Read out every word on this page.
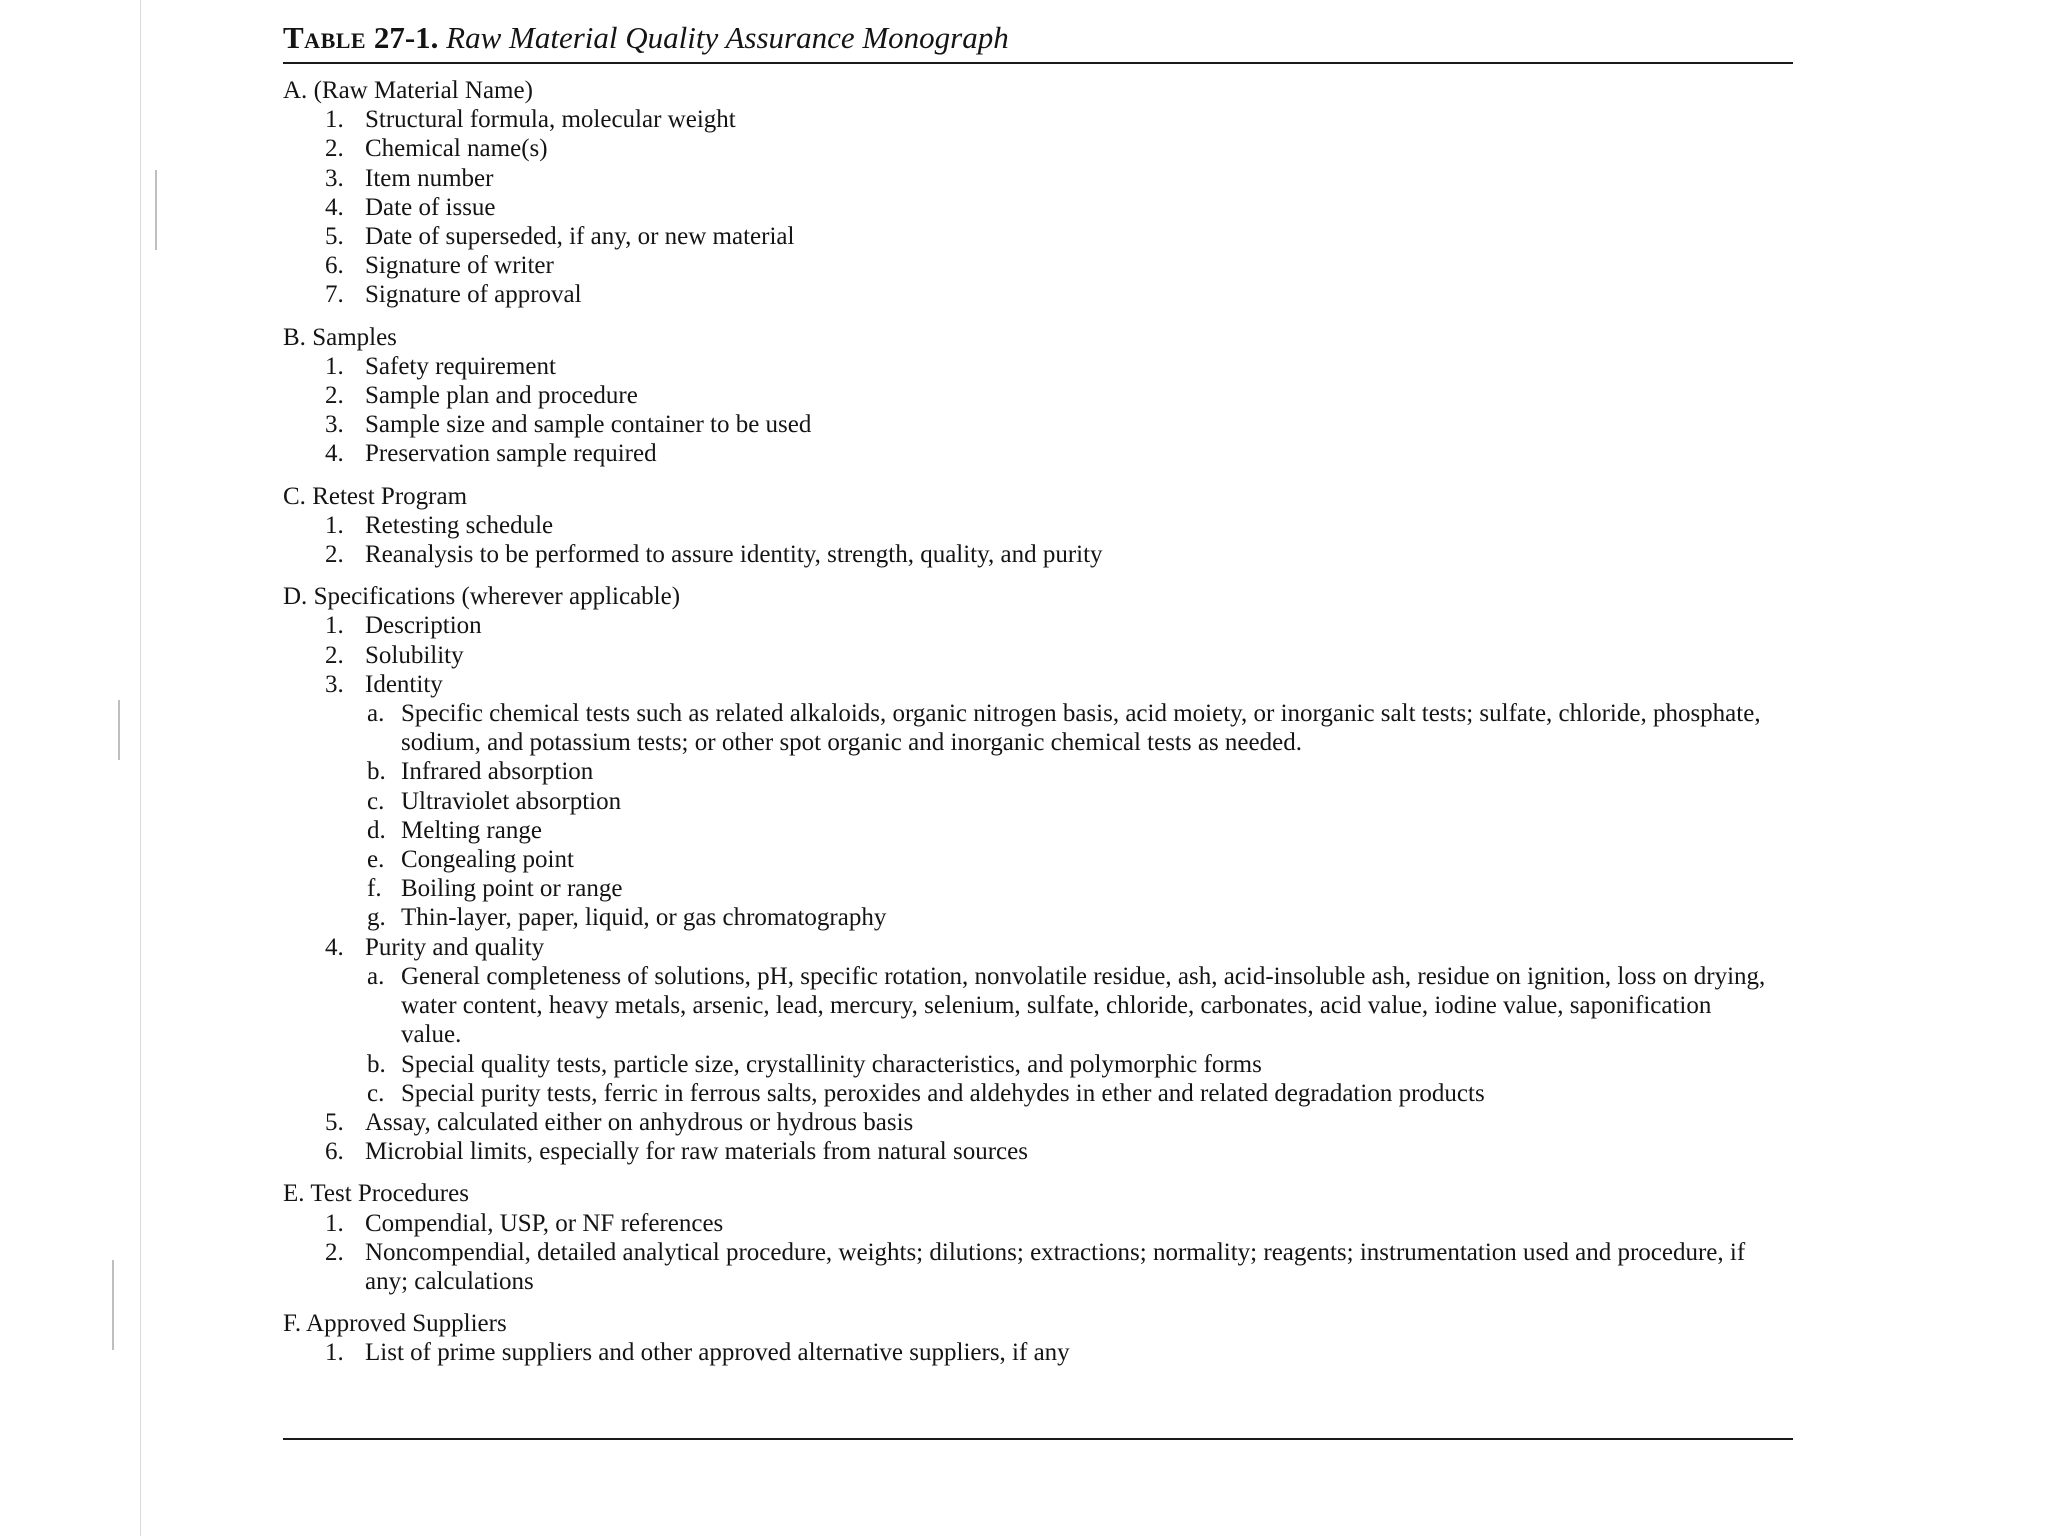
Table 27-1. Raw Material Quality Assurance Monograph
A. (Raw Material Name)
1. Structural formula, molecular weight
2. Chemical name(s)
3. Item number
4. Date of issue
5. Date of superseded, if any, or new material
6. Signature of writer
7. Signature of approval
B. Samples
1. Safety requirement
2. Sample plan and procedure
3. Sample size and sample container to be used
4. Preservation sample required
C. Retest Program
1. Retesting schedule
2. Reanalysis to be performed to assure identity, strength, quality, and purity
D. Specifications (wherever applicable)
1. Description
2. Solubility
3. Identity
a. Specific chemical tests such as related alkaloids, organic nitrogen basis, acid moiety, or inorganic salt tests; sulfate, chloride, phosphate, sodium, and potassium tests; or other spot organic and inorganic chemical tests as needed.
b. Infrared absorption
c. Ultraviolet absorption
d. Melting range
e. Congealing point
f. Boiling point or range
g. Thin-layer, paper, liquid, or gas chromatography
4. Purity and quality
a. General completeness of solutions, pH, specific rotation, nonvolatile residue, ash, acid-insoluble ash, residue on ignition, loss on drying, water content, heavy metals, arsenic, lead, mercury, selenium, sulfate, chloride, carbonates, acid value, iodine value, saponification value.
b. Special quality tests, particle size, crystallinity characteristics, and polymorphic forms
c. Special purity tests, ferric in ferrous salts, peroxides and aldehydes in ether and related degradation products
5. Assay, calculated either on anhydrous or hydrous basis
6. Microbial limits, especially for raw materials from natural sources
E. Test Procedures
1. Compendial, USP, or NF references
2. Noncompendial, detailed analytical procedure, weights; dilutions; extractions; normality; reagents; instrumentation used and procedure, if any; calculations
F. Approved Suppliers
1. List of prime suppliers and other approved alternative suppliers, if any
